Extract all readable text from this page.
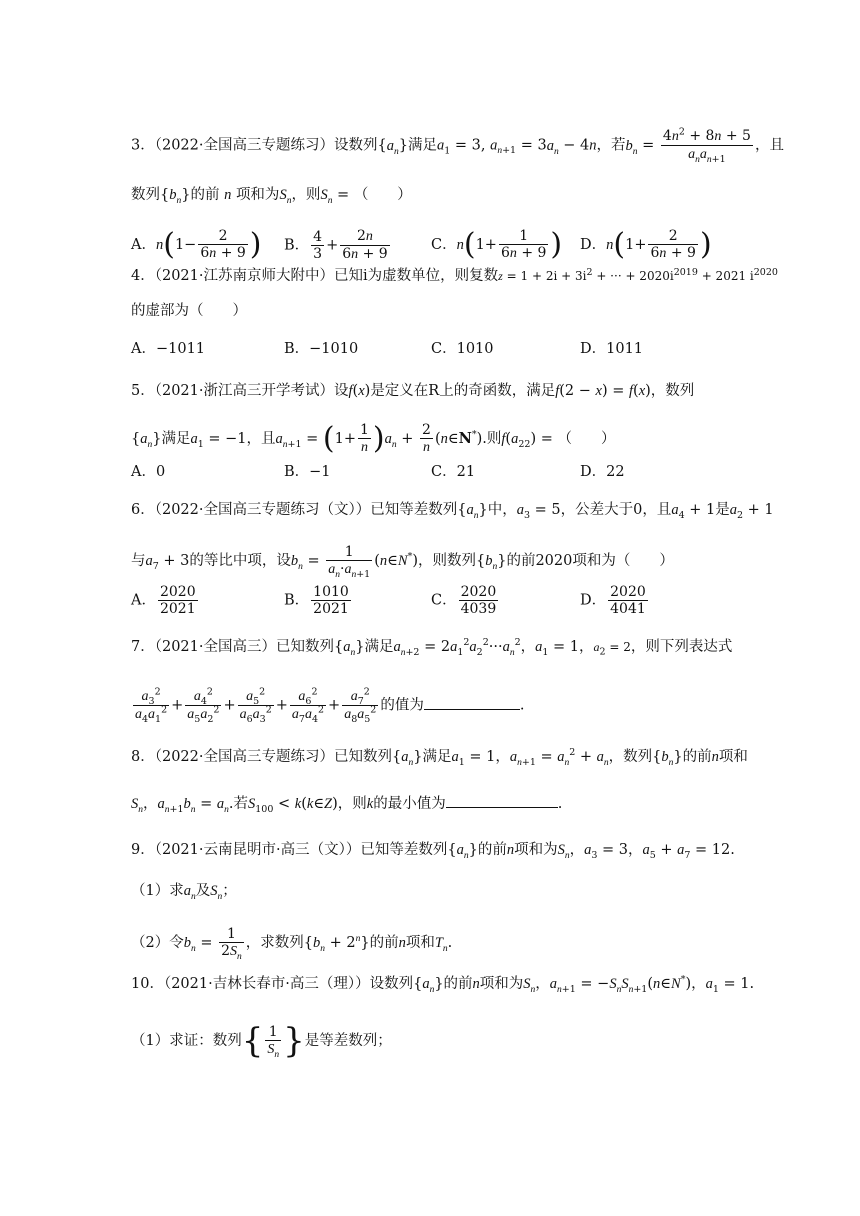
3．（2022·全国高三专题练习）设数列$\{a_n\}$满足$a_1 = 3$, $a_{n+1} = 3a_n - 4n$，若$b_n = \frac{4n^2 + 8n + 5}{a_na_{n+1}}$ ，且
数列$\{b_n\}$的前 n 项和为$S_n$，则$S_n$ = （　　）
A．$n(1- \frac{2}{6n + 9}$ ) B． $\frac{4}{3} + \frac{2n}{6n + 9}$	C．$n(1+ \frac{1}{6n + 9}$ ) D．$n(1+ \frac{2}{6n + 9}$ )
4．（2021·江苏南京师大附中）已知i为虚数单位，则复数$z = 1 + 2i + 3i^2$ + ··· + $2020i^{2019} + 2021$ $i^{2020}$
的虚部为（　　）
A．−1011	B．−1010	C．1010	D．1011
5．（2021·浙江高三开学考试）设f(x)是定义在R上的奇函数，满足f(2 − x) = f(x)，数列
$\{a_n\}$满足$a_1 = -1$，且$a_{n+1} = (1+ \frac{1}{n} )a_n + \frac{2}{n}$ (n∈N*).则$f(a_{22})$ = （　　）
A．0	B．−1	C．21	D．22
6．（2022·全国高三专题练习（文））已知等差数列$\{a_n\}$中，$a_3 = 5$，公差大于0，且$a_4 + 1$是$a_2 + 1$
与$a_7 + 3$的等比中项，设$b_n = \frac{1}{a_n\cdot a_{n+1}}$ (n∈N*)，则数列$\{b_n\}$的前2020项和为（　　）
A． $\frac{2020}{2021}$	B． $\frac{1010}{2021}$	C． $\frac{2020}{4039}$	D． $\frac{2020}{4041}$
7．（2021·全国高三）已知数列$\{a_n\}$满足$a_{n+2} = 2a_1^2a_2^2\cdot\cdot\cdot a_n^2$，$a_1 = 1$，$a_2 = 2$，则下列表达式
$\frac{a_3^2}{a_4a_1^2} + \frac{a_4^2}{a_5a_2^2} + \frac{a_5^2}{a_6a_3^2} + \frac{a_6^2}{a_7a_4^2} + \frac{a_7^2}{a_8a_5^2}$ 的值为	.
8．（2022·全国高三专题练习）已知数列$\{a_n\}$满足$a_1 = 1$，$a_{n+1} = a_n^2 + a_n$，数列$\{b_n\}$的前n项和
$S_n$，$a_{n+1}b_n = a_n$.若$S_{100}$ < k(k∈Z)，则k的最小值为	.
9．（2021·云南昆明市·高三（文））已知等差数列$\{a_n\}$的前n项和为$S_n$，$a_3 = 3$，$a_5 + a_7 = 12$.
（1）求$a_n$及$S_n$；
（2）令$b_n = \frac{1}{2S_n}$ ，求数列$\{b_n + 2^n\}$的前n项和$T_n$.
10．（2021·吉林长春市·高三（理））设数列$\{a_n\}$的前n项和为$S_n$，$a_{n+1}$ = $-S_nS_{n+1}(n\in N^*)$，$a_1 = 1$.
（1）求证：数列{ $\frac{1}{S_n}$ }是等差数列；
